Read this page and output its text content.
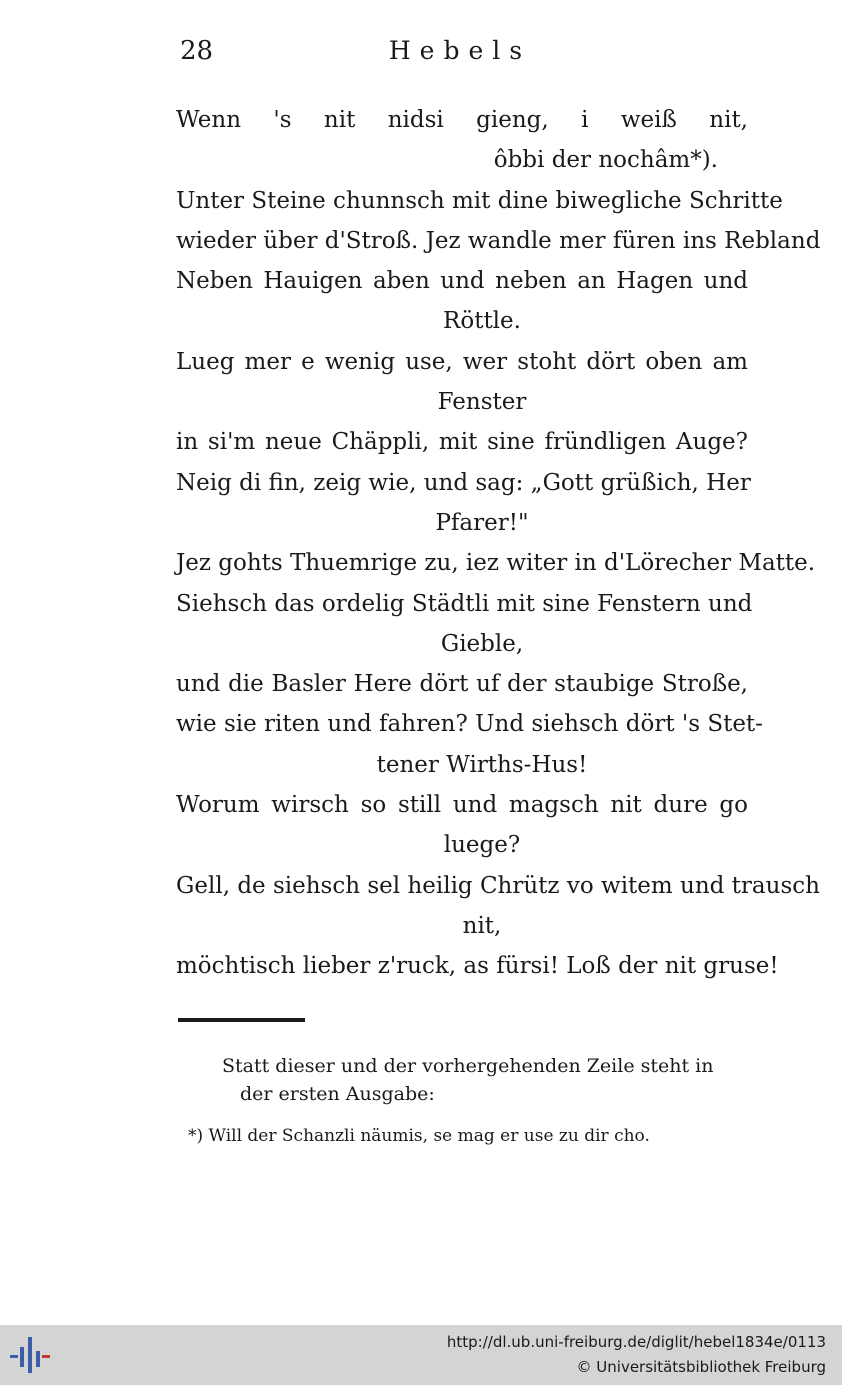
28	Hebels
Wenn 's nit nidsi gieng, i weiß nit,
ôbbi der nochâm*).
Unter Steine chunnsch mit dine biwegliche Schritte
wieder über d'Stroß. Jez wandle mer füren ins Rebland
Neben Hauigen aben und neben an Hagen und
Röttle.
Lueg mer e wenig use, wer stoht dört oben am
Fenster
in si'm neue Chäppli, mit sine fründligen Auge?
Neig di fin, zeig wie, und sag: „Gott grüßich, Her
Pfarer!"
Jez gohts Thuemrige zu, iez witer in d'Lörecher Matte.
Siehsch das ordelig Städtli mit sine Fenstern und
Gieble,
und die Basler Here dört uf der staubige Stroße,
wie sie riten und fahren? Und siehsch dört 's Stet-
tener Wirths-Hus!
Worum wirsch so still und magsch nit dure go
luege?
Gell, de siehsch sel heilig Chrütz vo witem und trausch
nit,
möchtisch lieber z'ruck, as fürsi! Loß der nit gruse!
Statt dieser und der vorhergehenden Zeile steht in
der ersten Ausgabe:
*) Will der Schanzli näumis, se mag er use zu dir cho.
http://dl.ub.uni-freiburg.de/diglit/hebel1834e/0113
© Universitätsbibliothek Freiburg
